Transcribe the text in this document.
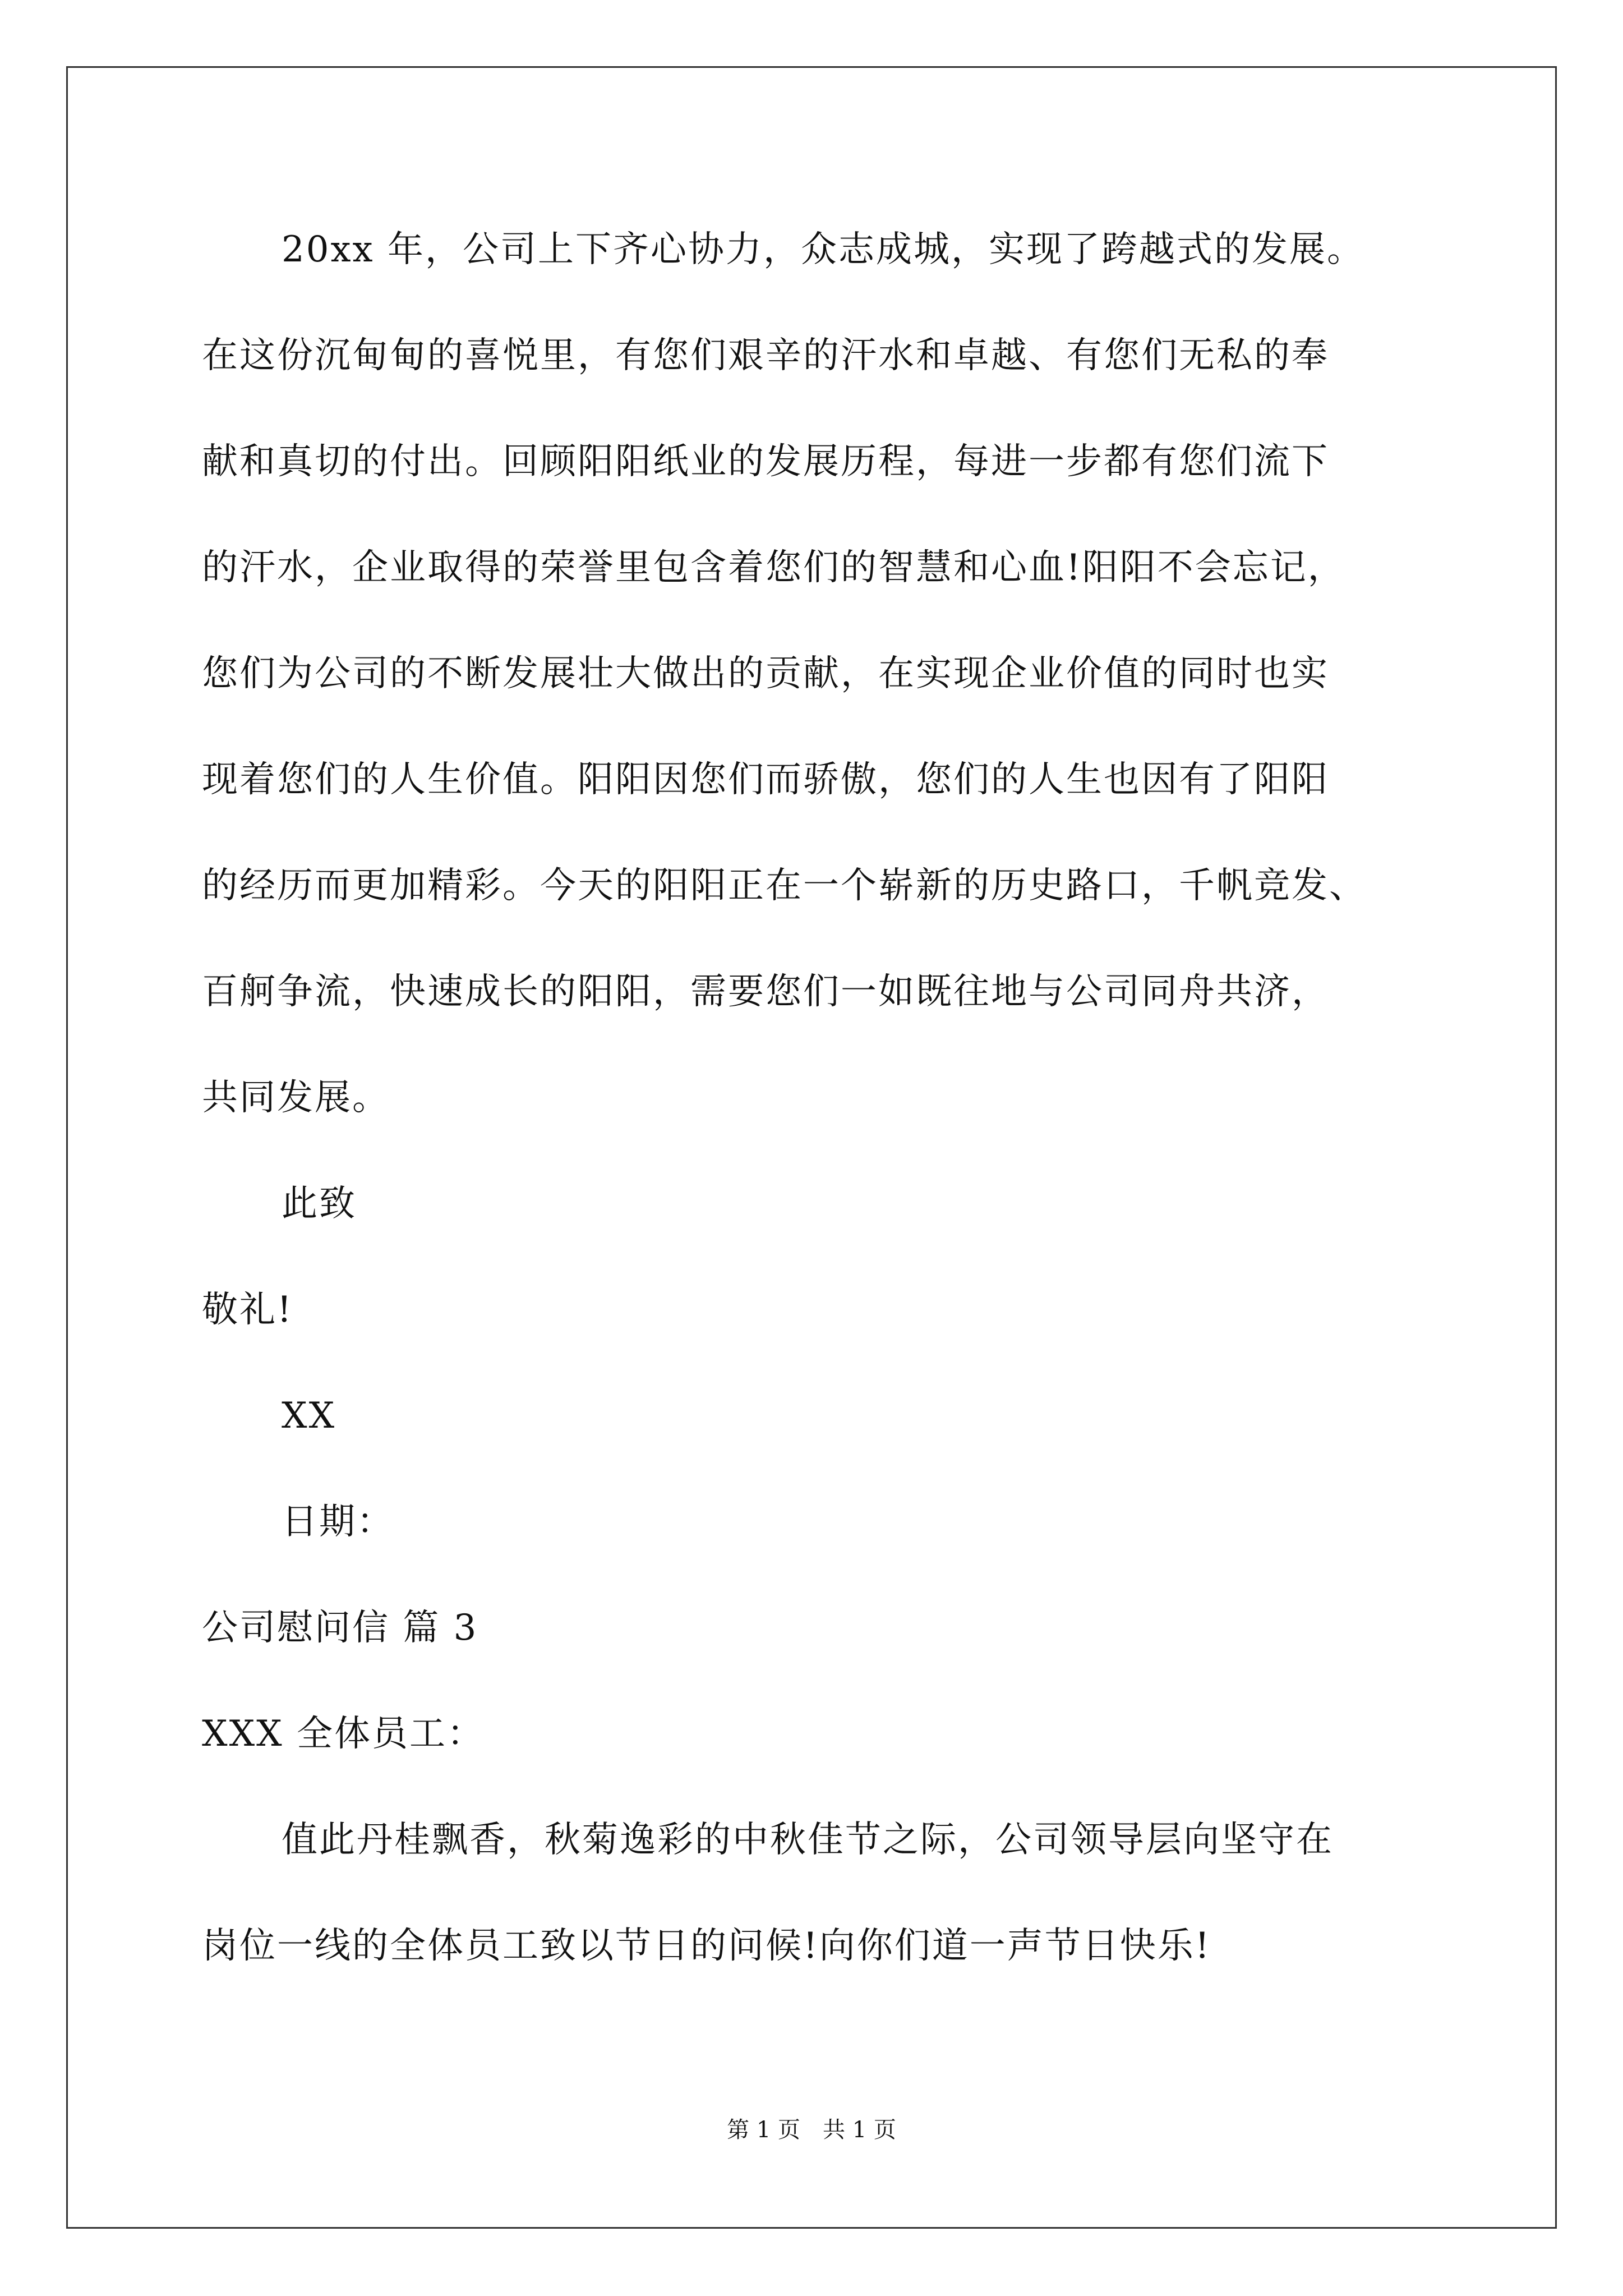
20xx 年，公司上下齐心协力，众志成城，实现了跨越式的发展。
在这份沉甸甸的喜悦里，有您们艰辛的汗水和卓越、有您们无私的奉
献和真切的付出。回顾阳阳纸业的发展历程，每进一步都有您们流下
的汗水，企业取得的荣誉里包含着您们的智慧和心血!阳阳不会忘记，
您们为公司的不断发展壮大做出的贡献，在实现企业价值的同时也实
现着您们的人生价值。阳阳因您们而骄傲，您们的人生也因有了阳阳
的经历而更加精彩。今天的阳阳正在一个崭新的历史路口，千帆竞发、
百舸争流，快速成长的阳阳，需要您们一如既往地与公司同舟共济，
共同发展。
此致
敬礼!
XX
日期：
公司慰问信 篇 3
XXX 全体员工：
值此丹桂飘香，秋菊逸彩的中秋佳节之际，公司领导层向坚守在
岗位一线的全体员工致以节日的问候!向你们道一声节日快乐!
第 1 页　共 1 页
